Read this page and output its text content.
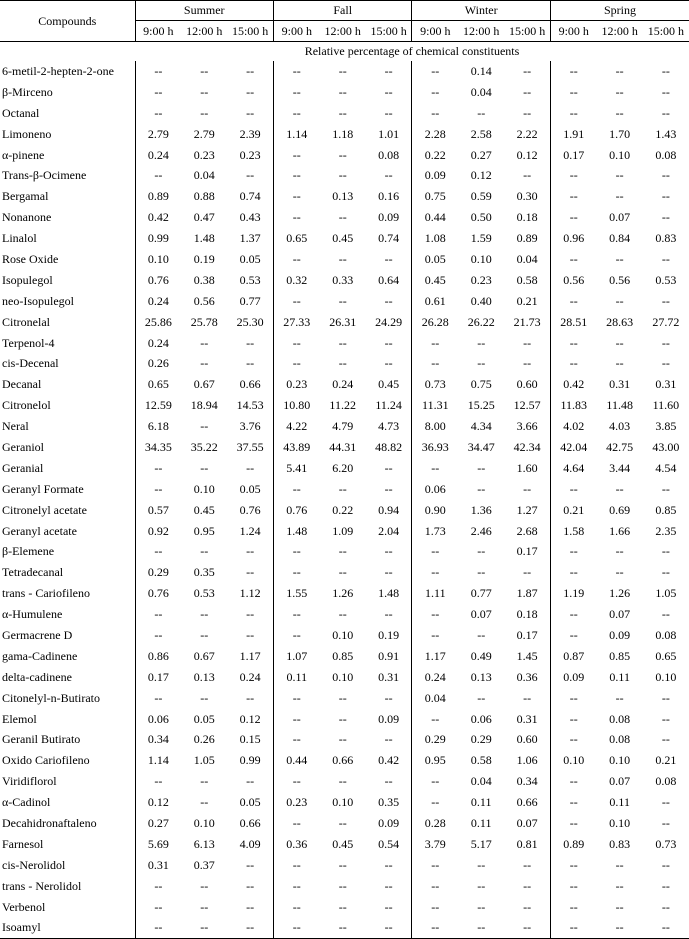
Compounds	Summer			Fall			Winter			Spring		
	9:00 h	12:00 h	15:00 h	9:00 h	12:00 h	15:00 h	9:00 h	12:00 h	15:00 h	9:00 h	12:00 h	15:00 h
	Relative percentage of chemical constituents											
6-metil-2-hepten-2-one	--	--	--	--	--	--	--	0.14	--	--	--	--
β-Mirceno	--	--	--	--	--	--	--	0.04	--	--	--	--
Octanal	--	--	--	--	--	--	--	--	--	--	--	--
Limoneno	2.79	2.79	2.39	1.14	1.18	1.01	2.28	2.58	2.22	1.91	1.70	1.43
α-pinene	0.24	0.23	0.23	--	--	0.08	0.22	0.27	0.12	0.17	0.10	0.08
Trans-β-Ocimene	--	0.04	--	--	--	--	0.09	0.12	--	--	--	--
Bergamal	0.89	0.88	0.74	--	0.13	0.16	0.75	0.59	0.30	--	--	--
Nonanone	0.42	0.47	0.43	--	--	0.09	0.44	0.50	0.18	--	0.07	--
Linalol	0.99	1.48	1.37	0.65	0.45	0.74	1.08	1.59	0.89	0.96	0.84	0.83
Rose Oxide	0.10	0.19	0.05	--	--	--	0.05	0.10	0.04	--	--	--
Isopulegol	0.76	0.38	0.53	0.32	0.33	0.64	0.45	0.23	0.58	0.56	0.56	0.53
neo-Isopulegol	0.24	0.56	0.77	--	--	--	0.61	0.40	0.21	--	--	--
Citronelal	25.86	25.78	25.30	27.33	26.31	24.29	26.28	26.22	21.73	28.51	28.63	27.72
Terpenol-4	0.24	--	--	--	--	--	--	--	--	--	--	--
cis-Decenal	0.26	--	--	--	--	--	--	--	--	--	--	--
Decanal	0.65	0.67	0.66	0.23	0.24	0.45	0.73	0.75	0.60	0.42	0.31	0.31
Citronelol	12.59	18.94	14.53	10.80	11.22	11.24	11.31	15.25	12.57	11.83	11.48	11.60
Neral	6.18	--	3.76	4.22	4.79	4.73	8.00	4.34	3.66	4.02	4.03	3.85
Geraniol	34.35	35.22	37.55	43.89	44.31	48.82	36.93	34.47	42.34	42.04	42.75	43.00
Geranial	--	--	--	5.41	6.20	--	--	--	1.60	4.64	3.44	4.54
Geranyl Formate	--	0.10	0.05	--	--	--	0.06	--	--	--	--	--
Citronelyl acetate	0.57	0.45	0.76	0.76	0.22	0.94	0.90	1.36	1.27	0.21	0.69	0.85
Geranyl acetate	0.92	0.95	1.24	1.48	1.09	2.04	1.73	2.46	2.68	1.58	1.66	2.35
β-Elemene	--	--	--	--	--	--	--	--	0.17	--	--	--
Tetradecanal	0.29	0.35	--	--	--	--	--	--	--	--	--	--
trans - Cariofileno	0.76	0.53	1.12	1.55	1.26	1.48	1.11	0.77	1.87	1.19	1.26	1.05
α-Humulene	--	--	--	--	--	--	--	0.07	0.18	--	0.07	--
Germacrene D	--	--	--	--	0.10	0.19	--	--	0.17	--	0.09	0.08
gama-Cadinene	0.86	0.67	1.17	1.07	0.85	0.91	1.17	0.49	1.45	0.87	0.85	0.65
delta-cadinene	0.17	0.13	0.24	0.11	0.10	0.31	0.24	0.13	0.36	0.09	0.11	0.10
Citonelyl-n-Butirato	--	--	--	--	--	--	0.04	--	--	--	--	--
Elemol	0.06	0.05	0.12	--	--	0.09	--	0.06	0.31	--	0.08	--
Geranil Butirato	0.34	0.26	0.15	--	--	--	0.29	0.29	0.60	--	0.08	--
Oxido Cariofileno	1.14	1.05	0.99	0.44	0.66	0.42	0.95	0.58	1.06	0.10	0.10	0.21
Viridiflorol	--	--	--	--	--	--	--	0.04	0.34	--	0.07	0.08
α-Cadinol	0.12	--	0.05	0.23	0.10	0.35	--	0.11	0.66	--	0.11	--
Decahidronaftaleno	0.27	0.10	0.66	--	--	0.09	0.28	0.11	0.07	--	0.10	--
Farnesol	5.69	6.13	4.09	0.36	0.45	0.54	3.79	5.17	0.81	0.89	0.83	0.73
cis-Nerolidol	0.31	0.37	--	--	--	--	--	--	--	--	--	--
trans - Nerolidol	--	--	--	--	--	--	--	--	--	--	--	--
Verbenol	--	--	--	--	--	--	--	--	--	--	--	--
Isoamyl	--	--	--	--	--	--	--	--	--	--	--	--
